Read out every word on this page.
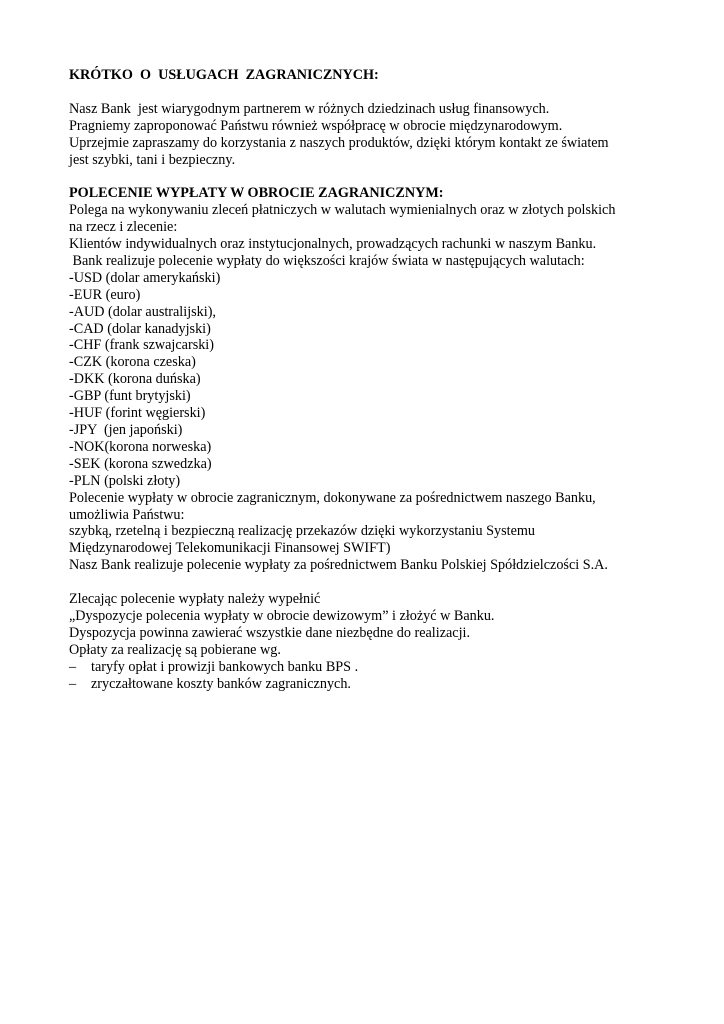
KRÓTKO  O  USŁUGACH  ZAGRANICZNYCH:
Nasz Bank  jest wiarygodnym partnerem w różnych dziedzinach usług finansowych.
Pragniemy zaproponować Państwu również współpracę w obrocie międzynarodowym.
Uprzejmie zapraszamy do korzystania z naszych produktów, dzięki którym kontakt ze światem
jest szybki, tani i bezpieczny.
POLECENIE WYPŁATY W OBROCIE ZAGRANICZNYM:
Polega na wykonywaniu zleceń płatniczych w walutach wymienialnych oraz w złotych polskich
na rzecz i zlecenie:
Klientów indywidualnych oraz instytucjonalnych, prowadzących rachunki w naszym Banku.
Bank realizuje polecenie wypłaty do większości krajów świata w następujących walutach:
-USD (dolar amerykański)
-EUR (euro)
-AUD (dolar australijski),
-CAD (dolar kanadyjski)
-CHF (frank szwajcarski)
-CZK (korona czeska)
-DKK (korona duńska)
-GBP (funt brytyjski)
-HUF (forint węgierski)
-JPY  (jen japoński)
-NOK(korona norweska)
-SEK (korona szwedzka)
-PLN (polski złoty)
Polecenie wypłaty w obrocie zagranicznym, dokonywane za pośrednictwem naszego Banku,
umożliwia Państwu:
szybką, rzetelną i bezpieczną realizację przekazów dzięki wykorzystaniu Systemu
Międzynarodowej Telekomunikacji Finansowej SWIFT)
Nasz Bank realizuje polecenie wypłaty za pośrednictwem Banku Polskiej Spółdzielczości S.A.
Zlecając polecenie wypłaty należy wypełnić
„Dyspozycje polecenia wypłaty w obrocie dewizowym” i złożyć w Banku.
Dyspozycja powinna zawierać wszystkie dane niezbędne do realizacji.
Opłaty za realizację są pobierane wg.
–	taryfy opłat i prowizji bankowych banku BPS .
–	zryczałtowane koszty banków zagranicznych.
